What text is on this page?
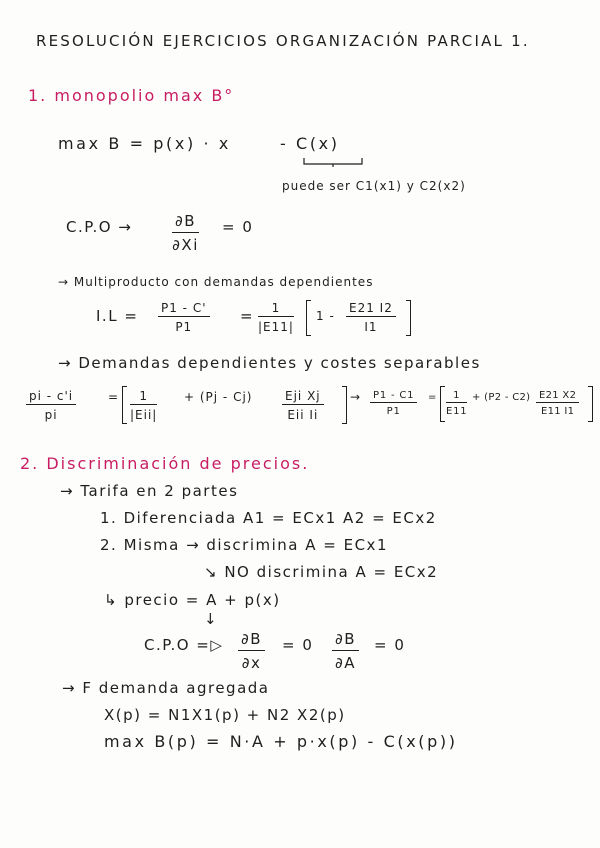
RESOLUCIÓN EJERCICIOS ORGANIZACIÓN PARCIAL 1.
1. monopolio max B°
max B = p(x) · x	- C(x)
puede ser C1(x1) y C2(x2)
C.P.O →	$\frac{\partial B}{\partial Xi} = 0$
→ Multiproducto con demandas dependientes
$I.L = \frac{P1 - C'}{P1} = \frac{1}{|E11|} 1 - \frac{E21 I2}{I1}$
→ Demandas dependientes y costes separables
$\frac{pi - c'i}{pi}$	=	1
|Eii|
+ (Pj - Cj)	Eji Xj
Eii Ii
→ $\frac{P1 - C1}{P1} = \frac{1}{E11} + (P2 - C2) \frac{E21 X2}{E11 I1}$
2. Discriminación de precios.
→ Tarifa en 2 partes
1. Diferenciada A1 = ECx1 A2 = ECx2
2. Misma → discrimina A = ECx1
↘ NO discrimina A = ECx2
↳ precio = A + p(x)
↓
C.P.O =▷ $\frac{\partial B}{\partial x} = 0 \frac{\partial B}{\partial A} = 0$
→ F demanda agregada
X(p) = N1X1(p) + N2 X2(p)
max B(p) = N·A + p·x(p) - C(x(p))
